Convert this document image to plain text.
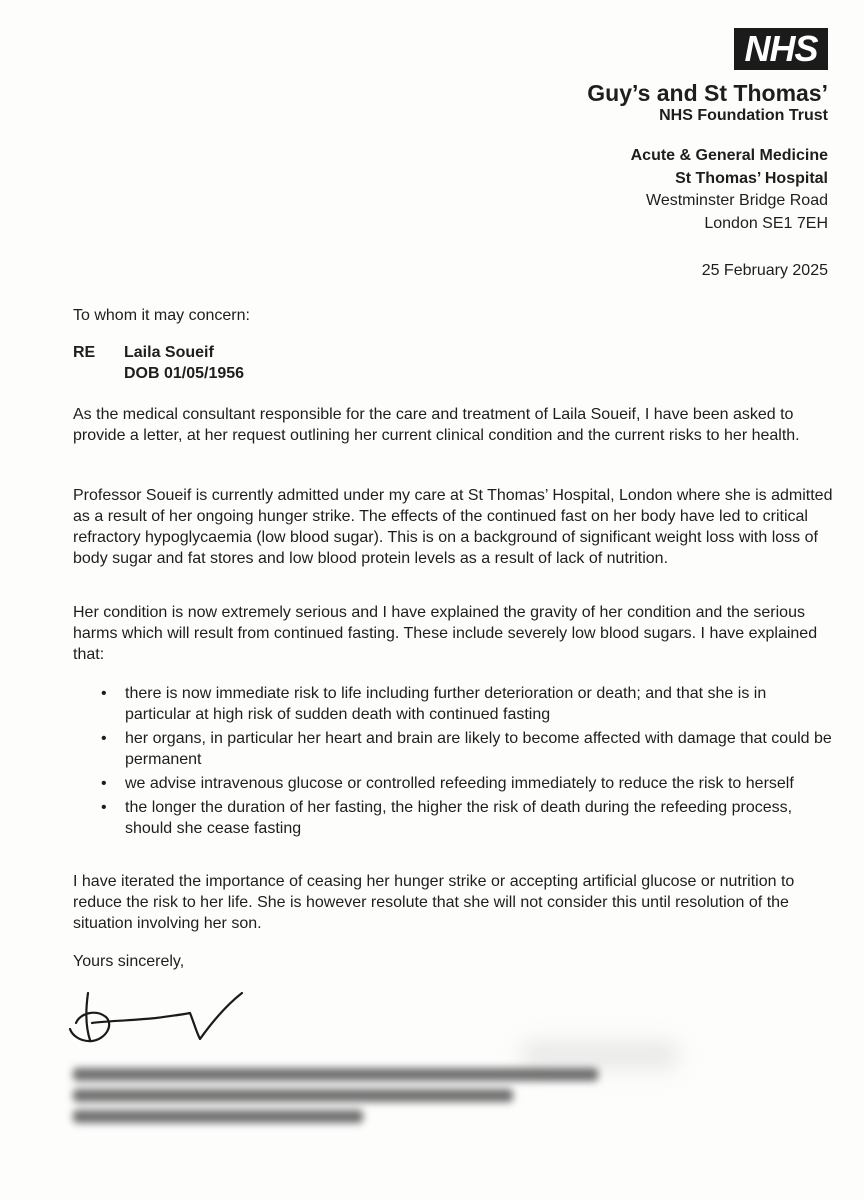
NHS
Guy’s and St Thomas’
NHS Foundation Trust
Acute & General Medicine
St Thomas’ Hospital
Westminster Bridge Road
London SE1 7EH
25 February 2025
To whom it may concern:
RE Laila Soueif
DOB 01/05/1956
As the medical consultant responsible for the care and treatment of Laila Soueif, I have been asked to provide a letter, at her request outlining her current clinical condition and the current risks to her health.
Professor Soueif is currently admitted under my care at St Thomas’ Hospital, London where she is admitted as a result of her ongoing hunger strike. The effects of the continued fast on her body have led to critical refractory hypoglycaemia (low blood sugar). This is on a background of significant weight loss with loss of body sugar and fat stores and low blood protein levels as a result of lack of nutrition.
Her condition is now extremely serious and I have explained the gravity of her condition and the serious harms which will result from continued fasting. These include severely low blood sugars. I have explained that:
• there is now immediate risk to life including further deterioration or death; and that she is in particular at high risk of sudden death with continued fasting
• her organs, in particular her heart and brain are likely to become affected with damage that could be permanent
• we advise intravenous glucose or controlled refeeding immediately to reduce the risk to herself
• the longer the duration of her fasting, the higher the risk of death during the refeeding process, should she cease fasting
I have iterated the importance of ceasing her hunger strike or accepting artificial glucose or nutrition to reduce the risk to her life. She is however resolute that she will not consider this until resolution of the situation involving her son.
Yours sincerely,
